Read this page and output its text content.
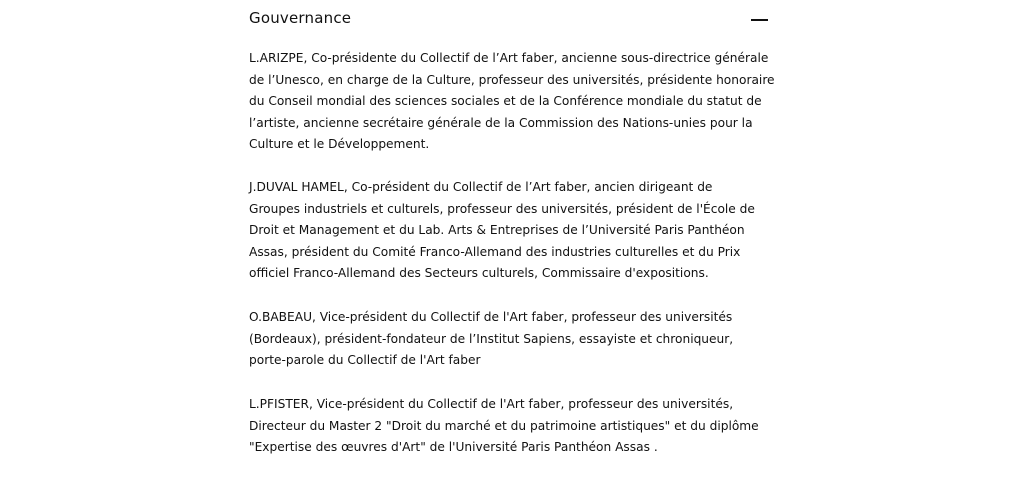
Gouvernance

L.ARIZPE, Co-présidente du Collectif de l’Art faber, ancienne sous-directrice générale
de l’Unesco, en charge de la Culture, professeur des universités, présidente honoraire
du Conseil mondial des sciences sociales et de la Conférence mondiale du statut de
l’artiste, ancienne secrétaire générale de la Commission des Nations-unies pour la
Culture et le Développement.

J.DUVAL HAMEL, Co-président du Collectif de l’Art faber, ancien dirigeant de
Groupes industriels et culturels, professeur des universités, président de l'École de
Droit et Management et du Lab. Arts & Entreprises de l’Université Paris Panthéon
Assas, président du Comité Franco-Allemand des industries culturelles et du Prix
officiel Franco-Allemand des Secteurs culturels, Commissaire d'expositions.

O.BABEAU, Vice-président du Collectif de l'Art faber, professeur des universités
(Bordeaux), président-fondateur de l’Institut Sapiens, essayiste et chroniqueur,
porte-parole du Collectif de l'Art faber

L.PFISTER, Vice-président du Collectif de l'Art faber, professeur des universités,
Directeur du Master 2 "Droit du marché et du patrimoine artistiques" et du diplôme
"Expertise des œuvres d'Art" de l'Université Paris Panthéon Assas .
